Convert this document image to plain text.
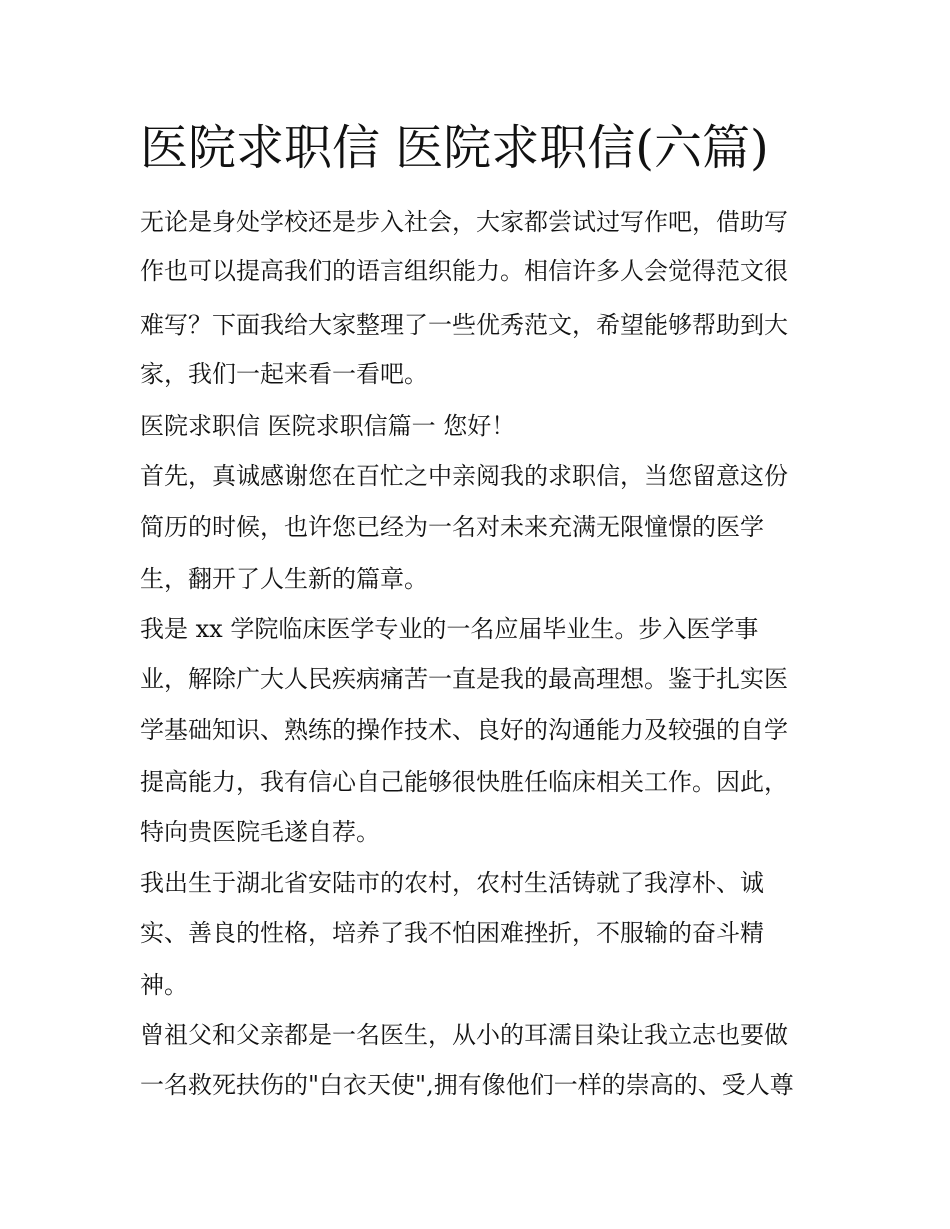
医院求职信 医院求职信(六篇)

无论是身处学校还是步入社会，大家都尝试过写作吧，借助写

作也可以提高我们的语言组织能力。相信许多人会觉得范文很

难写？下面我给大家整理了一些优秀范文，希望能够帮助到大

家，我们一起来看一看吧。

医院求职信 医院求职信篇一 您好！

首先，真诚感谢您在百忙之中亲阅我的求职信，当您留意这份

简历的时候，也许您已经为一名对未来充满无限憧憬的医学

生，翻开了人生新的篇章。

我是 xx 学院临床医学专业的一名应届毕业生。步入医学事

业，解除广大人民疾病痛苦一直是我的最高理想。鉴于扎实医

学基础知识、熟练的操作技术、良好的沟通能力及较强的自学

提高能力，我有信心自己能够很快胜任临床相关工作。因此，

特向贵医院毛遂自荐。

我出生于湖北省安陆市的农村，农村生活铸就了我淳朴、诚

实、善良的性格，培养了我不怕困难挫折，不服输的奋斗精

神。

曾祖父和父亲都是一名医生，从小的耳濡目染让我立志也要做

一名救死扶伤的"白衣天使",拥有像他们一样的崇高的、受人尊
